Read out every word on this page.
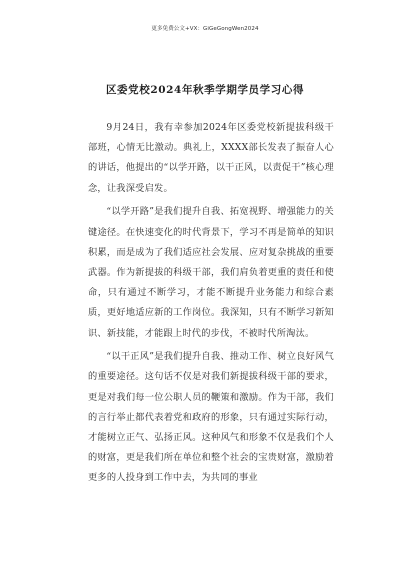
更多免费公文+VX：GiGeGongWen2024
区委党校2024年秋季学期学员学习心得

9月24日，我有幸参加2024年区委党校新提拔科级干部班，心情无比激动。典礼上，XXXX部长发表了振奋人心的讲话，他提出的“以学开路，以干正风，以责促干”核心理念，让我深受启发。

“以学开路”是我们提升自我、拓宽视野、增强能力的关键途径。在快速变化的时代背景下，学习不再是简单的知识积累，而是成为了我们适应社会发展、应对复杂挑战的重要武器。作为新提拔的科级干部，我们肩负着更重的责任和使命，只有通过不断学习，才能不断提升业务能力和综合素质，更好地适应新的工作岗位。我深知，只有不断学习新知识、新技能，才能跟上时代的步伐，不被时代所淘汰。

“以干正风”是我们提升自我、推动工作、树立良好风气的重要途径。这句话不仅是对我们新提拔科级干部的要求，更是对我们每一位公职人员的鞭策和激励。作为干部，我们的言行举止都代表着党和政府的形象，只有通过实际行动，才能树立正气、弘扬正风。这种风气和形象不仅是我们个人的财富，更是我们所在单位和整个社会的宝贵财富，激励着更多的人投身到工作中去，为共同的事业
